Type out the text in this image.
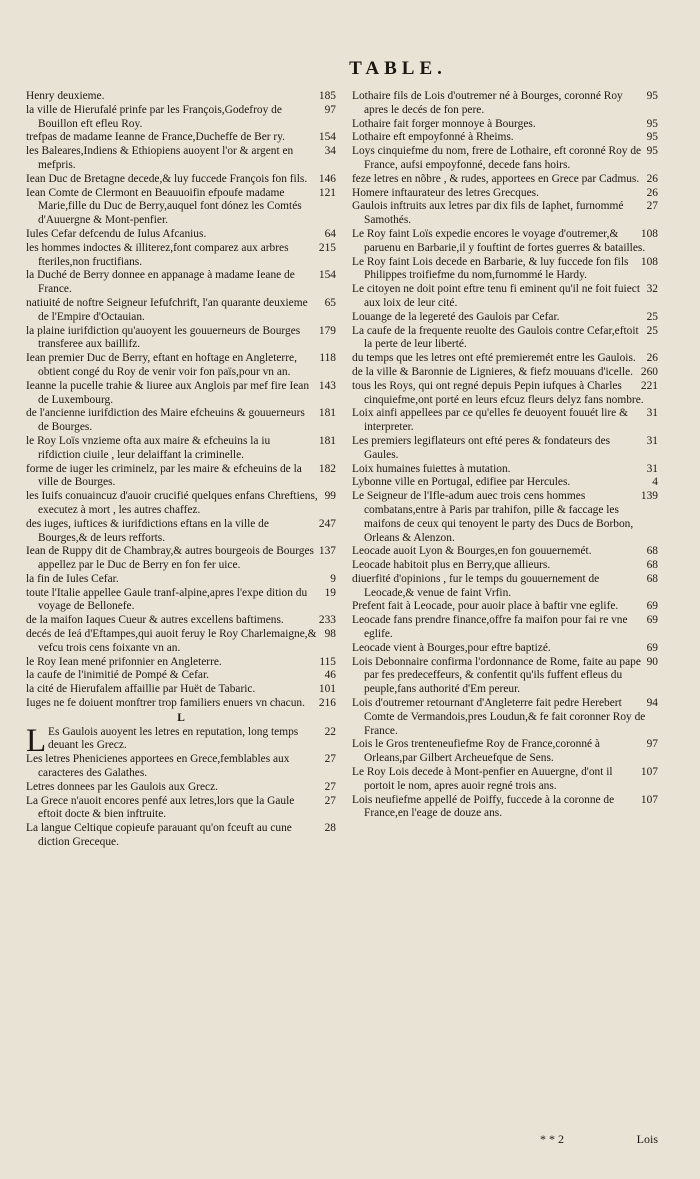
TABLE.

185
Henry deuxieme.

97
la ville de Hierufalé prinfe par les François,Godefroy de Bouillon eft efleu Roy.

154
trefpas de madame Ieanne de France,Ducheffe de Ber ry.

34
les Baleares,Indiens & Ethiopiens auoyent l'or & argent en mefpris.

146
Iean Duc de Bretagne decede,& luy fuccede François fon fils.

121
Iean Comte de Clermont en Beauuoifin efpoufe madame Marie,fille du Duc de Berry,auquel font dónez les Comtés d'Auuergne & Mont-penfier.

64
Iules Cefar defcendu de Iulus Afcanius.

215
les hommes indoctes & illiterez,font comparez aux arbres fteriles,non fructifians.

154
la Duché de Berry donnee en appanage à madame Ieane de France.

65
natiuité de noftre Seigneur Iefufchrift, l'an quarante deuxieme de l'Empire d'Octauian.

179
la plaine iurifdiction qu'auoyent les gouuerneurs de Bourges transferee aux baillifz.

118
Iean premier Duc de Berry, eftant en hoftage en Angleterre, obtient congé du Roy de venir voir fon païs,pour vn an.

143
Ieanne la pucelle trahie & liuree aux Anglois par mef fire Iean de Luxembourg.

181
de l'ancienne iurifdiction des Maire efcheuins & gouuerneurs de Bourges.

181
le Roy Loïs vnzieme ofta aux maire & efcheuins la iu rifdiction ciuile , leur delaiffant la criminelle.

182
forme de iuger les criminelz, par les maire & efcheuins de la ville de Bourges.

99
les Iuifs conuaincuz d'auoir crucifié quelques enfans Chreftiens, executez à mort , les autres chaffez.

247
des iuges, iuftices & iurifdictions eftans en la ville de Bourges,& de leurs refforts.

137
Iean de Ruppy dit de Chambray,& autres bourgeois de Bourges appellez par le Duc de Berry en fon fer uice.

9
la fin de Iules Cefar.

19
toute l'Italie appellee Gaule tranf-alpine,apres l'expe dition du voyage de Bellonefe.

233
de la maifon Iaques Cueur & autres excellens baftimens.

98
decés de Ieá d'Eftampes,qui auoit feruy le Roy Charlemaigne,& vefcu trois cens foixante vn an.

115
le Roy Iean mené prifonnier en Angleterre.

46
la caufe de l'inimitié de Pompé & Cefar.

101
la cité de Hierufalem affaillie par Huët de Tabaric.

216
Iuges ne fe doiuent monftrer trop familiers enuers vn chacun.

L

L	22
Es Gaulois auoyent les letres en reputation, long temps deuant les Grecz.

27
Les letres Phenicienes apportees en Grece,femblables aux caracteres des Galathes.

27
Letres donnees par les Gaulois aux Grecz.

27
La Grece n'auoit encores penfé aux letres,lors que la Gaule eftoit docte & bien inftruite.

28
La langue Celtique copieufe parauant qu'on fceuft au cune diction Greceque.

95
Lothaire fils de Lois d'outremer né à Bourges, coronné Roy apres le decés de fon pere.

95
Lothaire fait forger monnoye à Bourges.

95
Lothaire eft empoyfonné à Rheims.

95
Loys cinquiefme du nom, frere de Lothaire, eft coronné Roy de France, aufsi empoyfonné, decede fans hoirs.

26
feze letres en nõbre , & rudes, apportees en Grece par Cadmus.

26
Homere inftaurateur des letres Grecques.

27
Gaulois inftruits aux letres par dix fils de Iaphet, furnommé Samothés.

108
Le Roy faint Loïs expedie encores le voyage d'outremer,& paruenu en Barbarie,il y fouftint de fortes guerres & batailles.

108
Le Roy faint Lois decede en Barbarie, & luy fuccede fon fils Philippes troifiefme du nom,furnommé le Hardy.

32
Le citoyen ne doit point eftre tenu fi eminent qu'il ne foit fuiect aux loix de leur cité.

25
Louange de la legereté des Gaulois par Cefar.

25
La caufe de la frequente reuolte des Gaulois contre Cefar,eftoit la perte de leur liberté.

26
du temps que les letres ont efté premieremét entre les Gaulois.

260
de la ville & Baronnie de Lignieres, & fiefz mouuans d'icelle.

221
tous les Roys, qui ont regné depuis Pepin iufques à Charles cinquiefme,ont porté en leurs efcuz fleurs delyz fans nombre.

31
Loix ainfi appellees par ce qu'elles fe deuoyent fouuét lire & interpreter.

31
Les premiers legiflateurs ont efté peres & fondateurs des Gaules.

31
Loix humaines fuiettes à mutation.

4
Lybonne ville en Portugal, edifiee par Hercules.

139
Le Seigneur de l'Ifle-adum auec trois cens hommes combatans,entre à Paris par trahifon, pille & faccage les maifons de ceux qui tenoyent le party des Ducs de Borbon, Orleans & Alenzon.

68
Leocade auoit Lyon & Bourges,en fon gouuernemét.

68
Leocade habitoit plus en Berry,que allieurs.

68
diuerfité d'opinions , fur le temps du gouuernement de Leocade,& venue de faint Vrfin.

69
Prefent fait à Leocade, pour auoir place à baftir vne eglife.

69
Leocade fans prendre finance,offre fa maifon pour fai re vne eglife.

69
Leocade vient à Bourges,pour eftre baptizé.

90
Lois Debonnaire confirma l'ordonnance de Rome, faite au pape par fes predeceffeurs, & confentit qu'ils fuffent efleus du peuple,fans authorité d'Em pereur.

94
Lois d'outremer retournant d'Angleterre fait pedre Herebert Comte de Vermandois,pres Loudun,& fe fait coronner Roy de France.

97
Lois le Gros trenteneufiefme Roy de France,coronné à Orleans,par Gilbert Archeuefque de Sens.

107
Le Roy Lois decede à Mont-penfier en Auuergne, d'ont il portoit le nom, apres auoir regné trois ans.

107
Lois neufiefme appellé de Poiffy, fuccede à la coronne de France,en l'eage de douze ans.

* * 2	Lois
